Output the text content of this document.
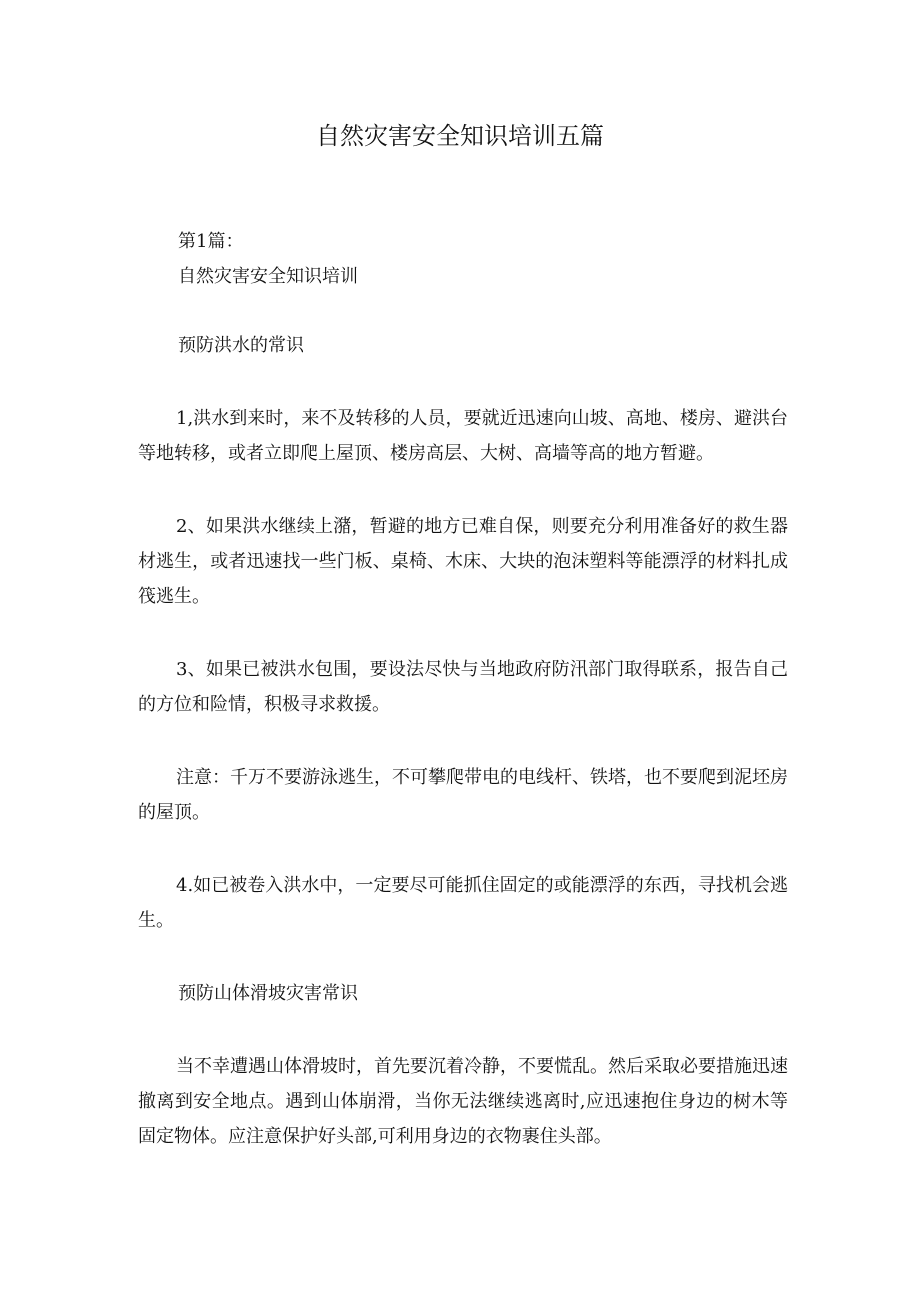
自然灾害安全知识培训五篇

第1篇：

自然灾害安全知识培训

预防洪水的常识

1,洪水到来时，来不及转移的人员，要就近迅速向山坡、高地、楼房、避洪台等地转移，或者立即爬上屋顶、楼房高层、大树、高墙等高的地方暂避。

2、如果洪水继续上潴，暂避的地方已难自保，则要充分利用准备好的救生器材逃生，或者迅速找一些门板、桌椅、木床、大块的泡沫塑料等能漂浮的材料扎成筏逃生。

3、如果已被洪水包围，要设法尽快与当地政府防汛部门取得联系，报告自己的方位和险情，积极寻求救援。

注意：千万不要游泳逃生，不可攀爬带电的电线杆、铁塔，也不要爬到泥坯房的屋顶。

4.如已被卷入洪水中，一定要尽可能抓住固定的或能漂浮的东西，寻找机会逃生。

预防山体滑坡灾害常识

当不幸遭遇山体滑坡时，首先要沉着冷静，不要慌乱。然后采取必要措施迅速撤离到安全地点。遇到山体崩滑，当你无法继续逃离时,应迅速抱住身边的树木等固定物体。应注意保护好头部,可利用身边的衣物裹住头部。
